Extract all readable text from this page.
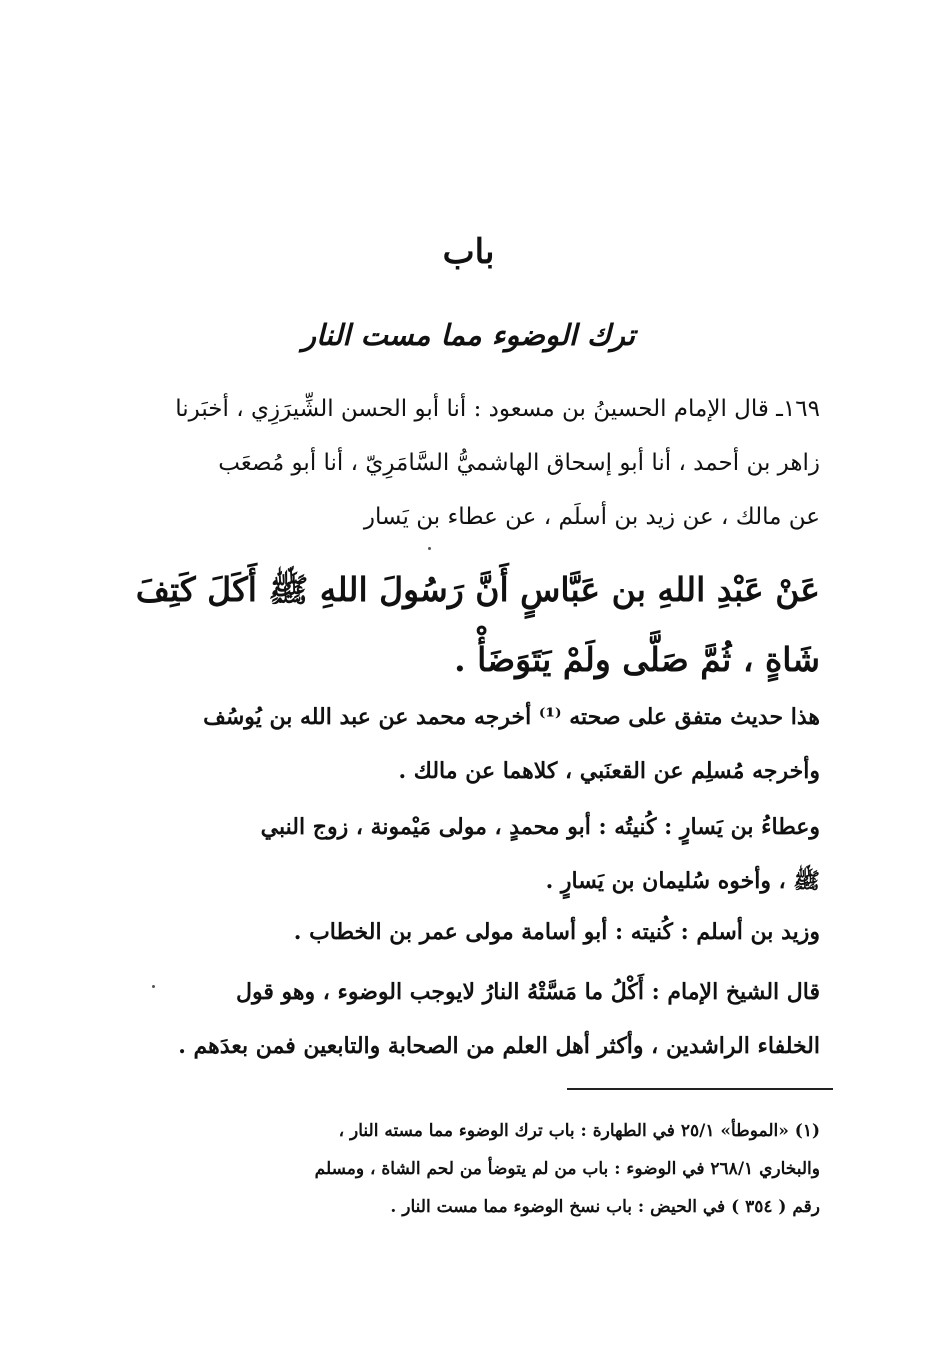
باب
ترك الوضوء مما مست النار
١٦٩ـ قال الإمام الحسينُ بن مسعود : أنا أبو الحسن الشِّيرَزِي ، أخبَرنا
زاهر بن أحمد ، أنا أبو إسحاق الهاشميُّ السَّامَرِيّ ، أنا أبو مُصعَب
عن مالك ، عن زيد بن أسلَم ، عن عطاء بن يَسار
عَنْ عَبْدِ اللهِ بن عَبَّاسٍ أَنَّ رَسُولَ اللهِ ﷺ أَكَلَ كَتِفَ
شَاةٍ ، ثُمَّ صَلَّى ولَمْ يَتَوَضَأْ .
هذا حديث متفق على صحته ⁽¹⁾ أخرجه محمد عن عبد الله بن يُوسُف
وأخرجه مُسلِم عن القعنَبي ، كلاهما عن مالك .
وعطاءُ بن يَسارٍ : كُنيتُه : أبو محمدٍ ، مولى مَيْمونة ، زوج النبي
ﷺ ، وأخوه سُليمان بن يَسارٍ .
وزيد بن أسلم : كُنيته : أبو أسامة مولى عمر بن الخطاب .
قال الشيخ الإمام : أَكْلُ ما مَسَّتْهُ النارُ لايوجب الوضوء ، وهو قول
الخلفاء الراشدين ، وأكثر أهل العلم من الصحابة والتابعين فمن بعدَهم .
(١) «الموطأ» ٢٥/١ في الطهارة : باب ترك الوضوء مما مسته النار ،
والبخاري ٢٦٨/١ في الوضوء : باب من لم يتوضأ من لحم الشاة ، ومسلم
رقم ( ٣٥٤ ) في الحيض : باب نسخ الوضوء مما مست النار .
